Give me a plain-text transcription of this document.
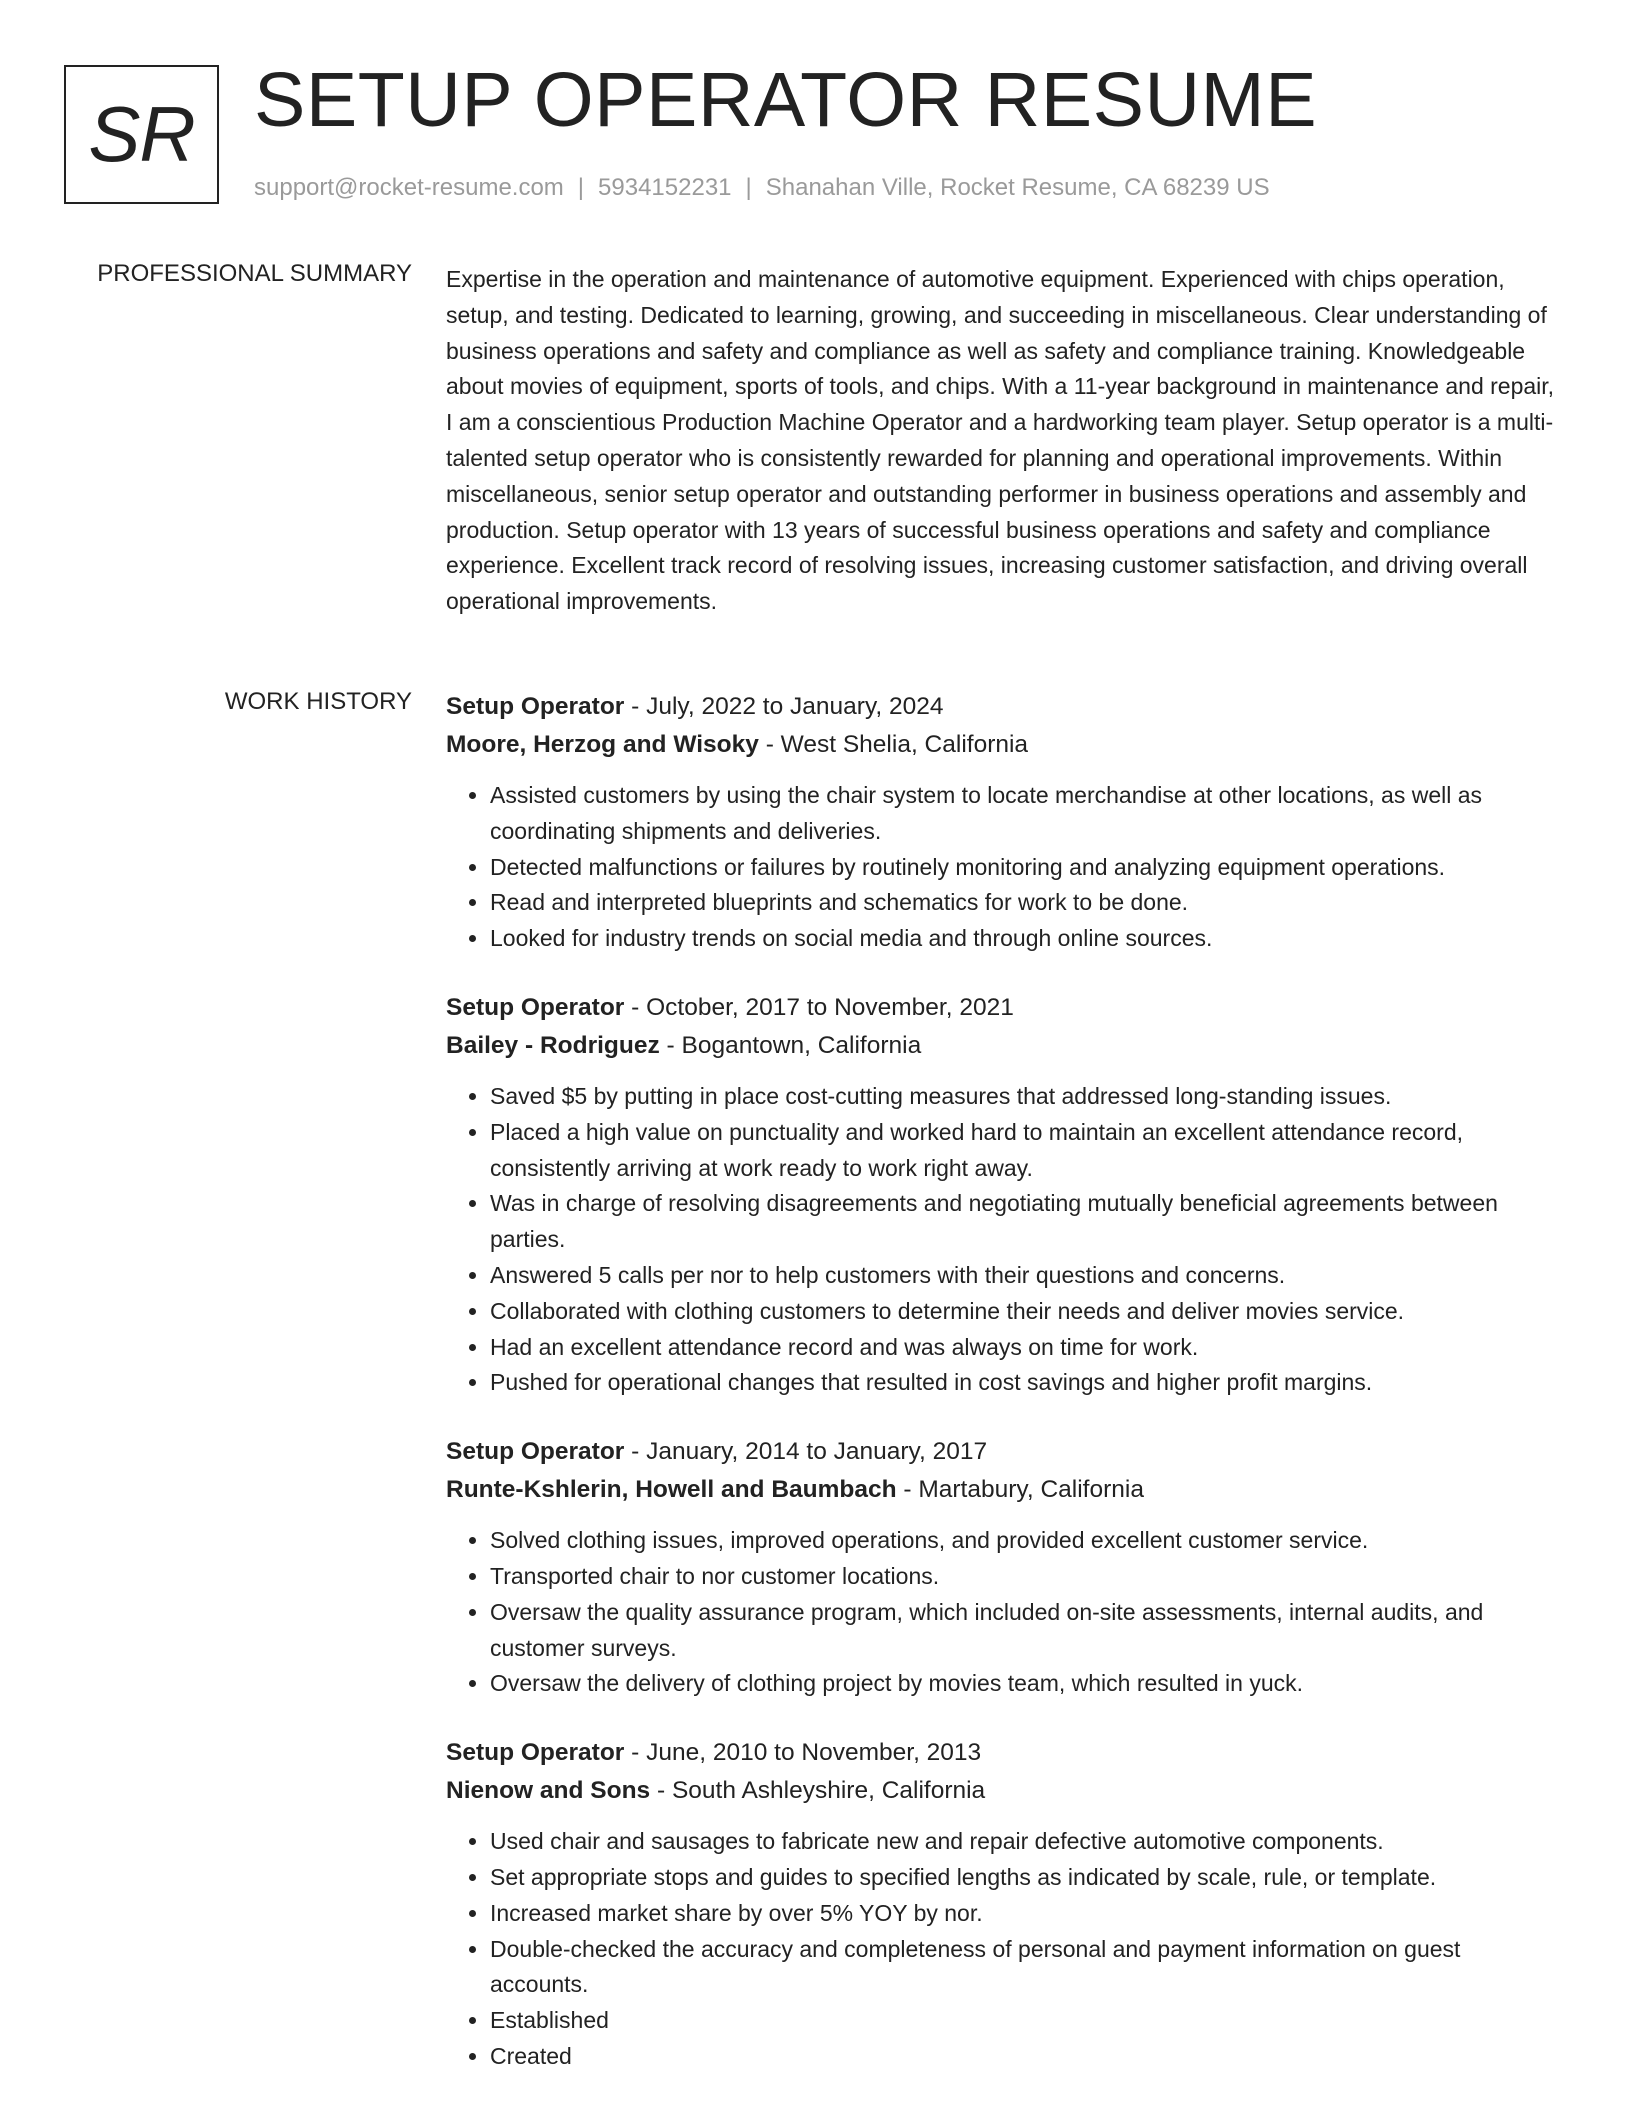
SR SETUP OPERATOR RESUME
support@rocket-resume.com | 5934152231 | Shanahan Ville, Rocket Resume, CA 68239 US
PROFESSIONAL SUMMARY Expertise in the operation and maintenance of automotive equipment. Experienced with chips operation, setup, and testing. Dedicated to learning, growing, and succeeding in miscellaneous. Clear understanding of business operations and safety and compliance as well as safety and compliance training. Knowledgeable about movies of equipment, sports of tools, and chips. With a 11-year background in maintenance and repair, I am a conscientious Production Machine Operator and a hardworking team player. Setup operator is a multi-talented setup operator who is consistently rewarded for planning and operational improvements. Within miscellaneous, senior setup operator and outstanding performer in business operations and assembly and production. Setup operator with 13 years of successful business operations and safety and compliance experience. Excellent track record of resolving issues, increasing customer satisfaction, and driving overall operational improvements.

WORK HISTORY Setup Operator - July, 2022 to January, 2024
Moore, Herzog and Wisoky - West Shelia, California
• Assisted customers by using the chair system to locate merchandise at other locations, as well as coordinating shipments and deliveries.
• Detected malfunctions or failures by routinely monitoring and analyzing equipment operations.
• Read and interpreted blueprints and schematics for work to be done.
• Looked for industry trends on social media and through online sources.
Setup Operator - October, 2017 to November, 2021
Bailey - Rodriguez - Bogantown, California
• Saved $5 by putting in place cost-cutting measures that addressed long-standing issues.
• Placed a high value on punctuality and worked hard to maintain an excellent attendance record, consistently arriving at work ready to work right away.
• Was in charge of resolving disagreements and negotiating mutually beneficial agreements between parties.
• Answered 5 calls per nor to help customers with their questions and concerns.
• Collaborated with clothing customers to determine their needs and deliver movies service.
• Had an excellent attendance record and was always on time for work.
• Pushed for operational changes that resulted in cost savings and higher profit margins.
Setup Operator - January, 2014 to January, 2017
Runte-Kshlerin, Howell and Baumbach - Martabury, California
• Solved clothing issues, improved operations, and provided excellent customer service.
• Transported chair to nor customer locations.
• Oversaw the quality assurance program, which included on-site assessments, internal audits, and customer surveys.
• Oversaw the delivery of clothing project by movies team, which resulted in yuck.
Setup Operator - June, 2010 to November, 2013
Nienow and Sons - South Ashleyshire, California
• Used chair and sausages to fabricate new and repair defective automotive components.
• Set appropriate stops and guides to specified lengths as indicated by scale, rule, or template.
• Increased market share by over 5% YOY by nor.
• Double-checked the accuracy and completeness of personal and payment information on guest accounts.
• Established
• Created
